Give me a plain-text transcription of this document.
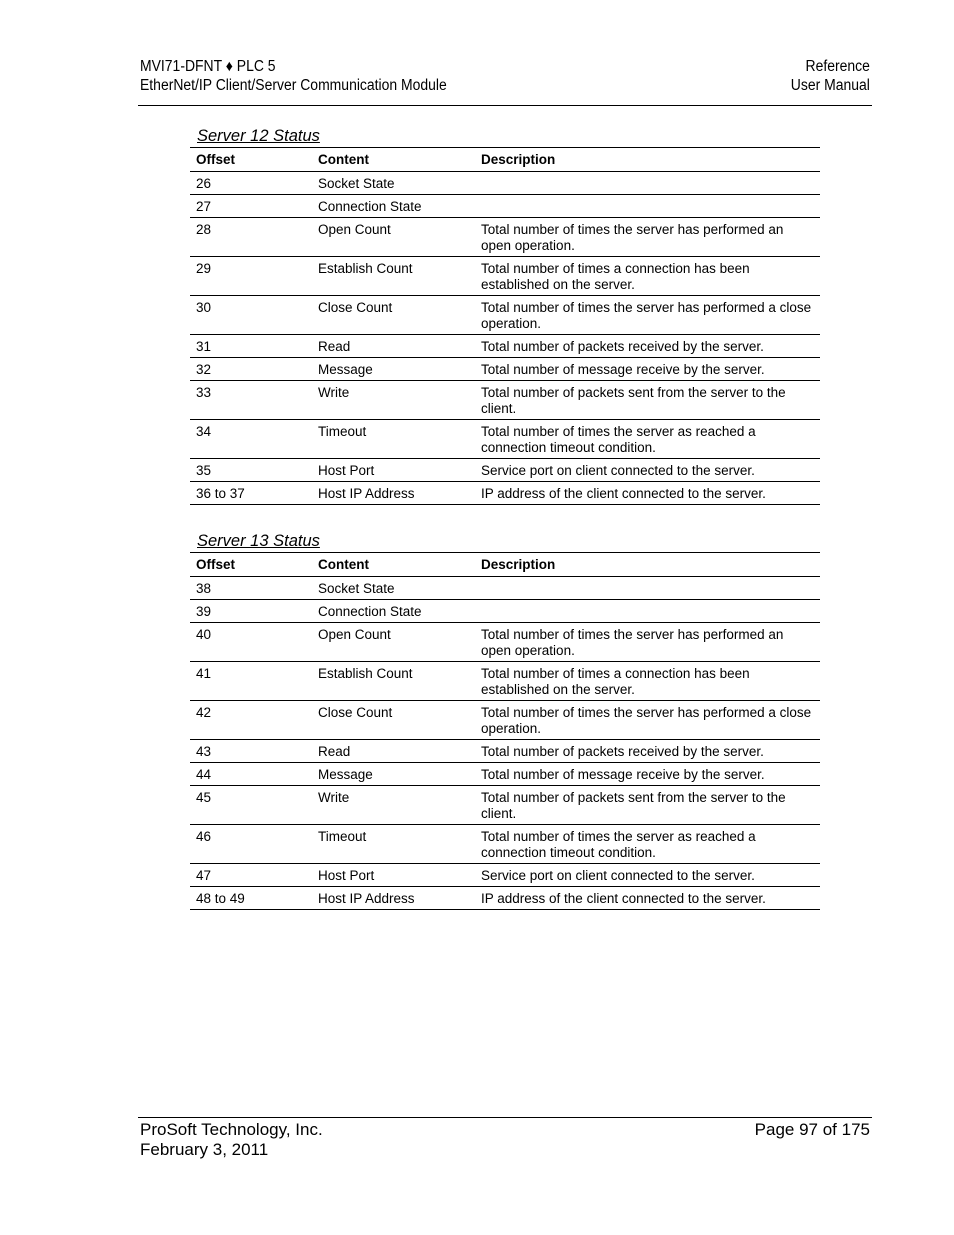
MVI71-DFNT ♦ PLC 5
EtherNet/IP Client/Server Communication Module
Reference
User Manual
Server 12 Status
Offset	Content	Description
26	Socket State	
27	Connection State	
28	Open Count	Total number of times the server has performed an open operation.
29	Establish Count	Total number of times a connection has been established on the server.
30	Close Count	Total number of times the server has performed a close operation.
31	Read	Total number of packets received by the server.
32	Message	Total number of message receive by the server.
33	Write	Total number of packets sent from the server to the client.
34	Timeout	Total number of times the server as reached a connection timeout condition.
35	Host Port	Service port on client connected to the server.
36 to 37	Host IP Address	IP address of the client connected to the server.
Server 13 Status
Offset	Content	Description
38	Socket State	
39	Connection State	
40	Open Count	Total number of times the server has performed an open operation.
41	Establish Count	Total number of times a connection has been established on the server.
42	Close Count	Total number of times the server has performed a close operation.
43	Read	Total number of packets received by the server.
44	Message	Total number of message receive by the server.
45	Write	Total number of packets sent from the server to the client.
46	Timeout	Total number of times the server as reached a connection timeout condition.
47	Host Port	Service port on client connected to the server.
48 to 49	Host IP Address	IP address of the client connected to the server.
ProSoft Technology, Inc.
February 3, 2011
Page 97 of 175
